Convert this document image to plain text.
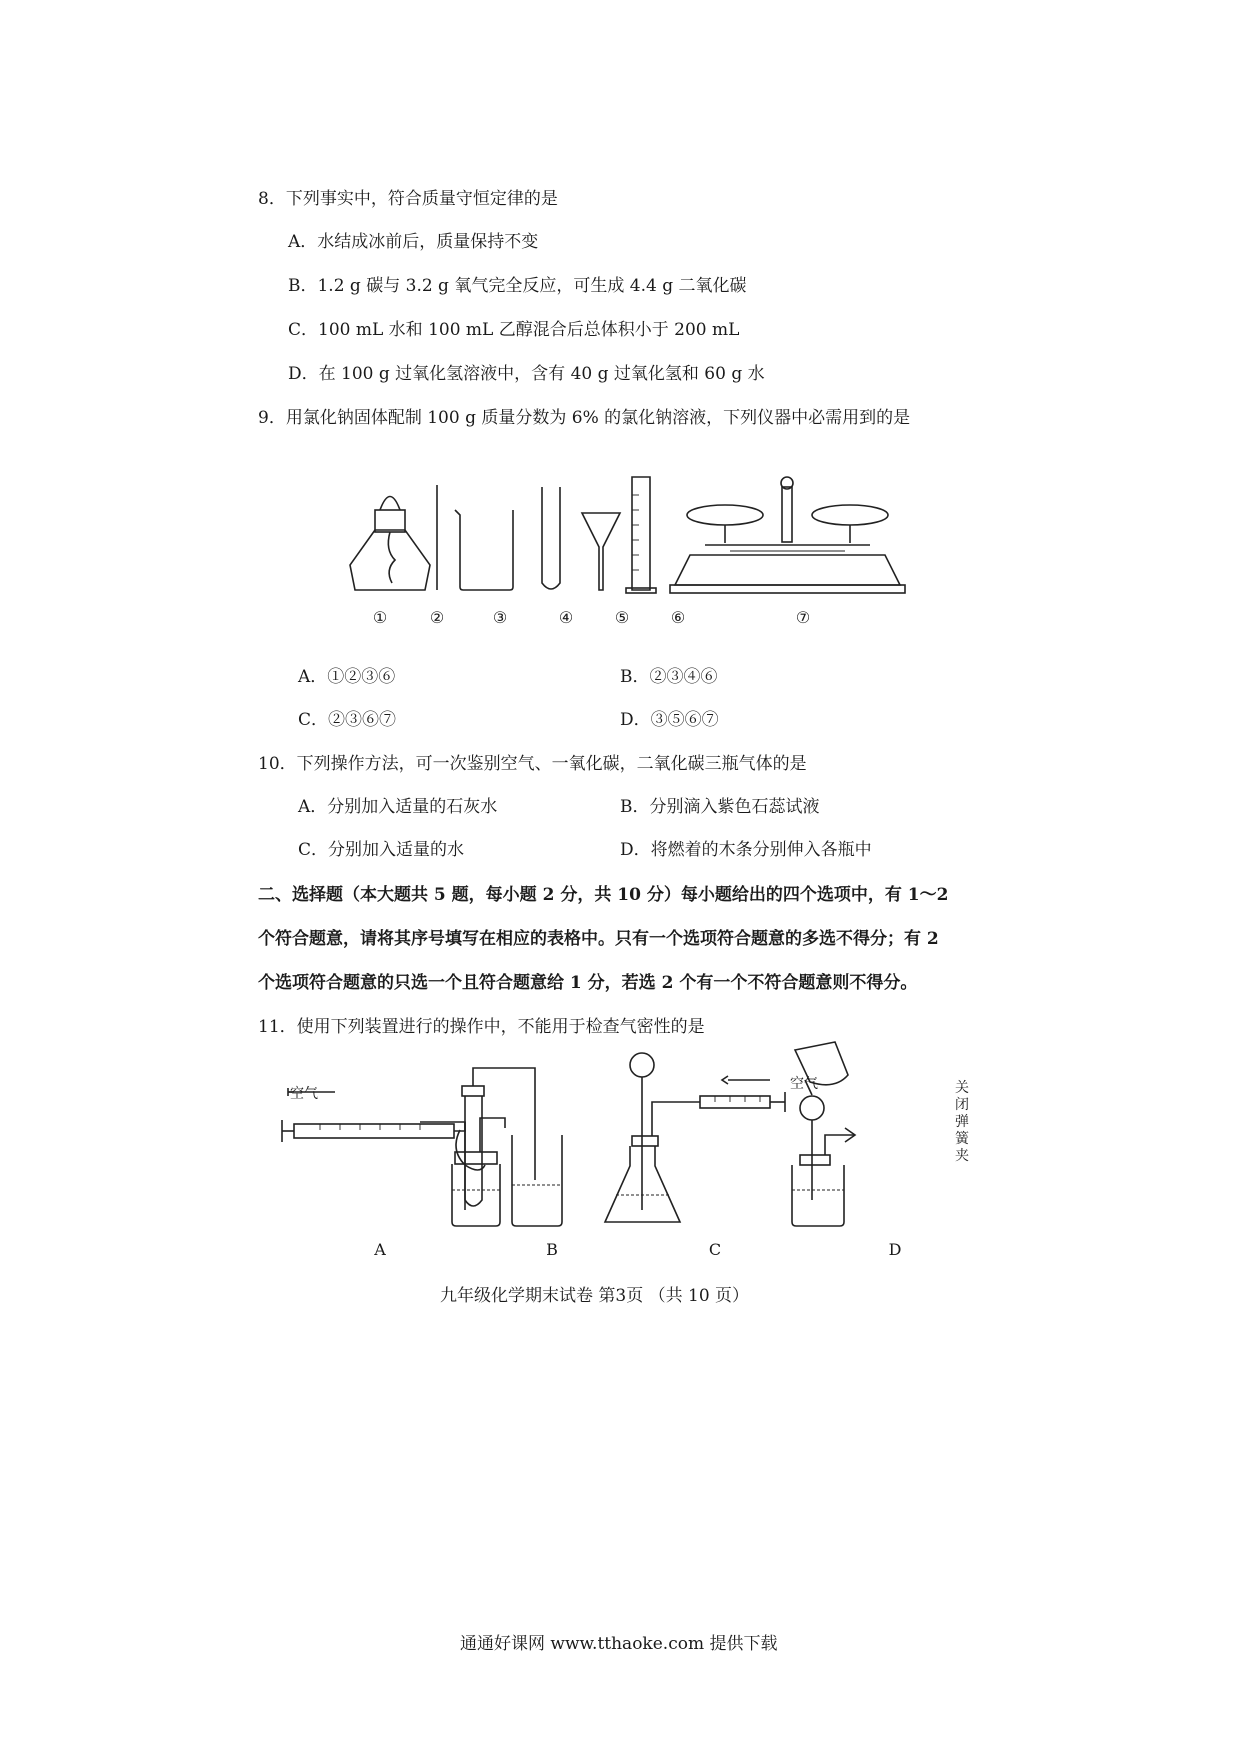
8．下列事实中，符合质量守恒定律的是
A．水结成冰前后，质量保持不变
B．1.2 g 碳与 3.2 g 氧气完全反应，可生成 4.4 g 二氧化碳
C．100 mL 水和 100 mL 乙醇混合后总体积小于 200 mL
D．在 100 g 过氧化氢溶液中，含有 40 g 过氧化氢和 60 g 水
9．用氯化钠固体配制 100 g 质量分数为 6% 的氯化钠溶液，下列仪器中必需用到的是
①	②	③	④	⑤	⑥	⑦
A．①②③⑥	B．②③④⑥
C．②③⑥⑦	D．③⑤⑥⑦
10．下列操作方法，可一次鉴别空气、一氧化碳，二氧化碳三瓶气体的是
A．分别加入适量的石灰水	B．分别滴入紫色石蕊试液
C．分别加入适量的水	D．将燃着的木条分别伸入各瓶中
二、选择题（本大题共 5 题，每小题 2 分，共 10 分）每小题给出的四个选项中，有 1～2
个符合题意，请将其序号填写在相应的表格中。只有一个选项符合题意的多选不得分；有 2
个选项符合题意的只选一个且符合题意给 1 分，若选 2 个有一个不符合题意则不得分。
11．使用下列装置进行的操作中，不能用于检查气密性的是
空气
空气	关
闭
弹
簧
夹
A	B	C	D
九年级化学期末试卷 第3页 （共 10 页）
通通好课网 www.tthaoke.com 提供下载
